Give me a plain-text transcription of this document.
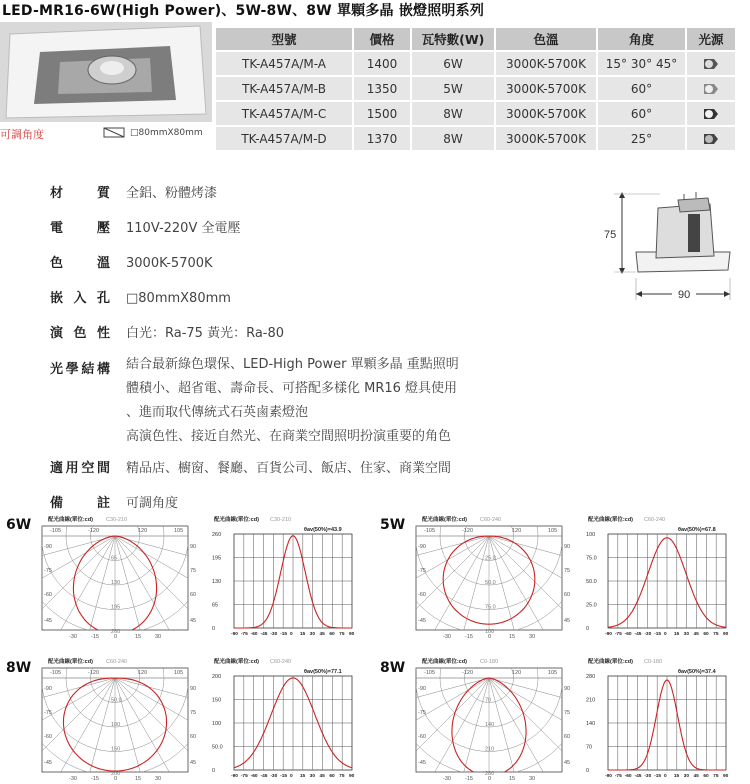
LED-MR16-6W(High Power)、5W-8W、8W 單顆多晶 嵌燈照明系列
可調角度	□80mmX80mm
型號	價格	瓦特數(W)	色溫	角度	光源
TK-A457A/M-A	1400	6W	3000K-5700K	15° 30° 45°	
TK-A457A/M-B	1350	5W	3000K-5700K	60°	
TK-A457A/M-C	1500	8W	3000K-5700K	60°	
TK-A457A/M-D	1370	8W	3000K-5700K	25°	
材質 全鋁、粉體烤漆
電壓 110V-220V 全電壓
色溫 3000K-5700K
嵌入孔 □80mmX80mm
演色性 白光：Ra-75 黃光：Ra-80
光學結構 結合最新綠色環保、LED-High Power 單顆多晶 重點照明
體積小、超省電、壽命長、可搭配多樣化 MR16 燈具使用
、進而取代傳統式石英鹵素燈泡
高演色性、接近自然光、在商業空間照明扮演重要的角色
適用空間 精品店、櫥窗、餐廳、百貨公司、飯店、住家、商業空間
備註 可調角度
75
90
6W	配光曲線(單位:cd) C30-210
65
130
195
260
-105	-120	120	105
-90
-75
-60
-45
90
75
60
45
-30	-15	0	15	30
配光曲線(單位:cd) C30-210
θav(50%)=43.9
-90 -75 -60 -45 -30 -15 0 15 30 45 60 75 90
260
195
130
65
0
5W	配光曲線(單位:cd) C60-240
25.0
50.0
75.0
100
-105	-120	120	105
-90
-75
-60
-45
90
75
60
45
-30	-15	0	15	30
配光曲線(單位:cd) C60-240
θav(50%)=67.8
-90 -75 -60 -45 -30 -15 0 15 30 45 60 75 90
100
75.0
50.0
25.0
0
8W	配光曲線(單位:cd) C60-240
50.0
100
150
200
-105	-120	120	105
-90
-75
-60
-45
90
75
60
45
-30	-15	0	15	30
配光曲線(單位:cd) C60-240
θav(50%)=77.1
-90 -75 -60 -45 -30 -15 0 15 30 45 60 75 90
200
150
100
50.0
0
8W	配光曲線(單位:cd) C0-180
70
140
210
280
-105	-120	120	105
-90
-75
-60
-45
90
75
60
45
-30	-15	0	15	30
配光曲線(單位:cd) C0-180
θav(50%)=37.4
-90 -75 -60 -45 -30 -15 0 15 30 45 60 75 90
280
210
140
70
0
